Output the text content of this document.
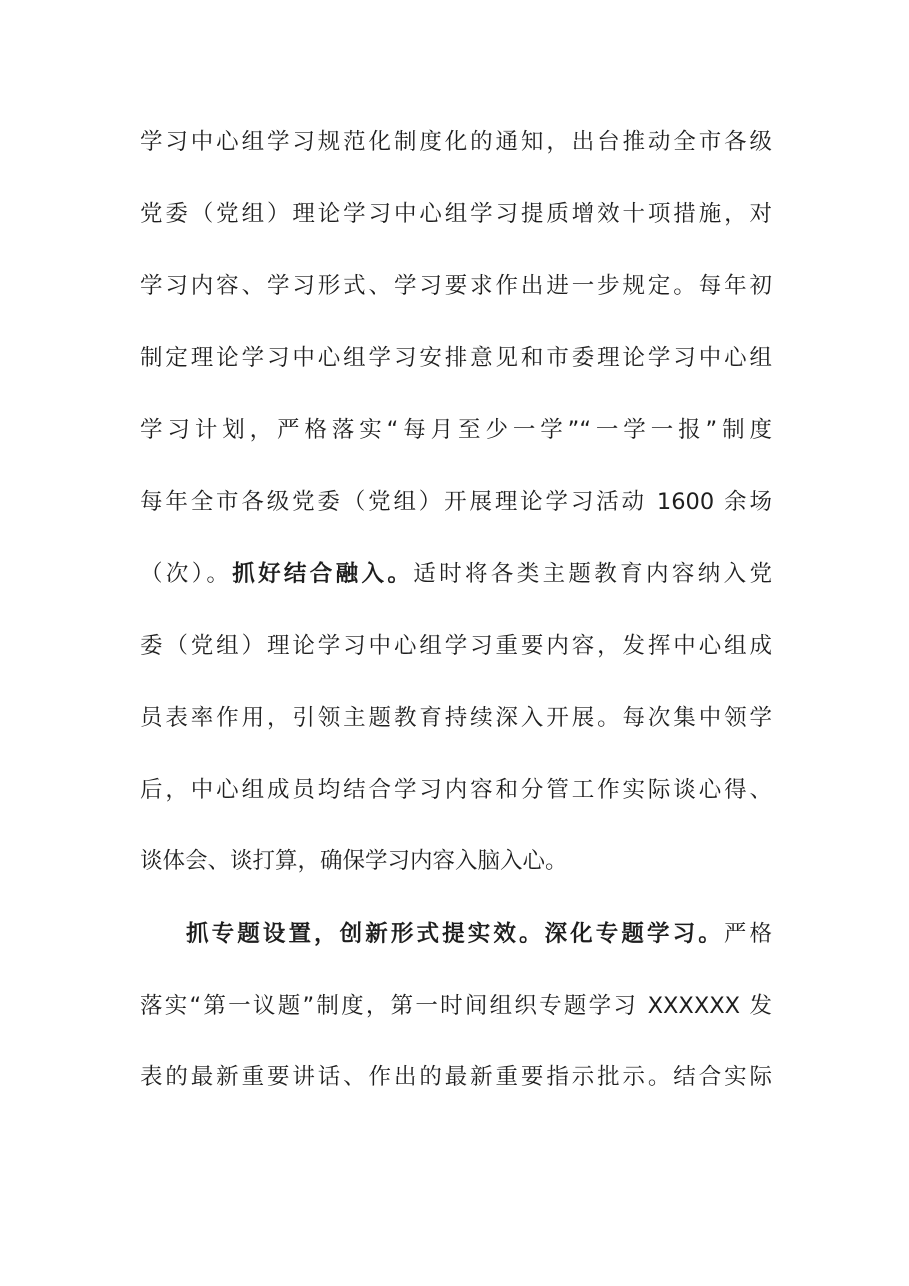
学习中心组学习规范化制度化的通知，出台推动全市各级
党委（党组）理论学习中心组学习提质增效十项措施，对
学习内容、学习形式、学习要求作出进一步规定。每年初
制定理论学习中心组学习安排意见和市委理论学习中心组
学习计划，严格落实“每月至少一学”“一学一报”制度
每年全市各级党委（党组）开展理论学习活动 1600 余场
（次）。抓好结合融入。适时将各类主题教育内容纳入党
委（党组）理论学习中心组学习重要内容，发挥中心组成
员表率作用，引领主题教育持续深入开展。每次集中领学
后，中心组成员均结合学习内容和分管工作实际谈心得、
谈体会、谈打算，确保学习内容入脑入心。
抓专题设置，创新形式提实效。深化专题学习。严格
落实“第一议题”制度，第一时间组织专题学习 XXXXXX 发
表的最新重要讲话、作出的最新重要指示批示。结合实际
